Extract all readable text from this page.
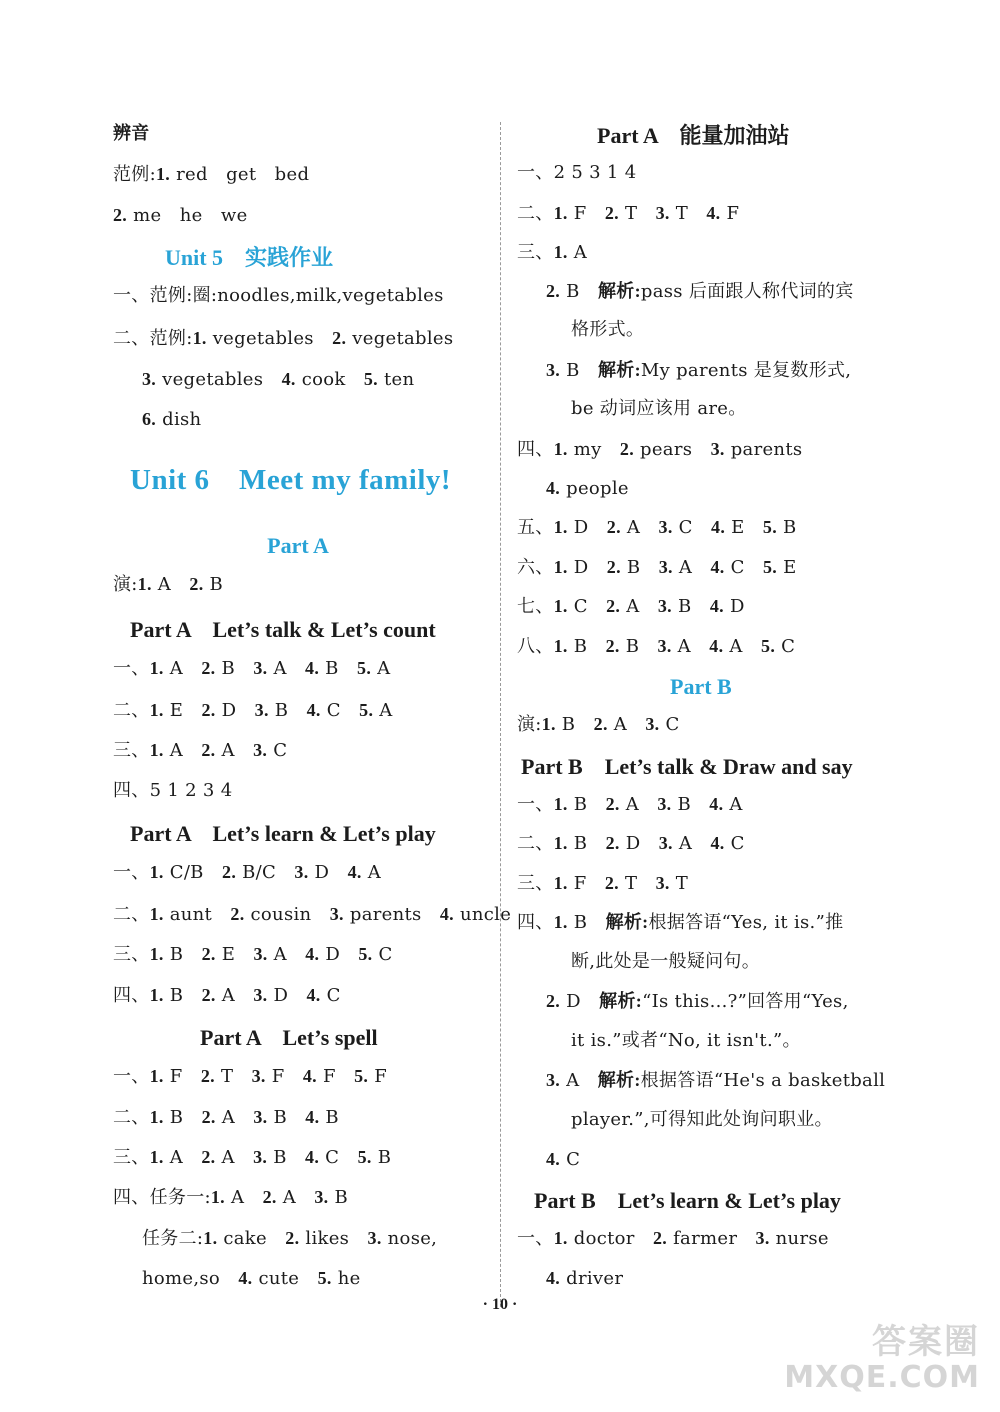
辨音
范例:1. red　get　bed
2. me　he　we
Unit 5　实践作业
一、范例:圈:noodles,milk,vegetables
二、范例:1. vegetables　2. vegetables
3. vegetables　4. cook　5. ten
6. dish
Unit 6　Meet my family!
Part A
演:1. A　2. B
Part A　Let’s talk & Let’s count
一、1. A　2. B　3. A　4. B　5. A
二、1. E　2. D　3. B　4. C　5. A
三、1. A　2. A　3. C
四、5 1 2 3 4
Part A　Let’s learn & Let’s play
一、1. C/B　2. B/C　3. D　4. A
二、1. aunt　2. cousin　3. parents　4. uncle
三、1. B　2. E　3. A　4. D　5. C
四、1. B　2. A　3. D　4. C
Part A　Let’s spell
一、1. F　2. T　3. F　4. F　5. F
二、1. B　2. A　3. B　4. B
三、1. A　2. A　3. B　4. C　5. B
四、任务一:1. A　2. A　3. B
任务二:1. cake　2. likes　3. nose,
home,so　4. cute　5. he
Part A　能量加油站
一、2 5 3 1 4
二、1. F　2. T　3. T　4. F
三、1. A
2. B　解析:pass 后面跟人称代词的宾
格形式。
3. B　解析:My parents 是复数形式,
be 动词应该用 are。
四、1. my　2. pears　3. parents
4. people
五、1. D　2. A　3. C　4. E　5. B
六、1. D　2. B　3. A　4. C　5. E
七、1. C　2. A　3. B　4. D
八、1. B　2. B　3. A　4. A　5. C
Part B
演:1. B　2. A　3. C
Part B　Let’s talk & Draw and say
一、1. B　2. A　3. B　4. A
二、1. B　2. D　3. A　4. C
三、1. F　2. T　3. T
四、1. B　解析:根据答语“Yes, it is.”推
断,此处是一般疑问句。
2. D　解析:“Is this...?”回答用“Yes,
it is.”或者“No, it isn't.”。
3. A　解析:根据答语“He's a basketball
player.”,可得知此处询问职业。
4. C
Part B　Let’s learn & Let’s play
一、1. doctor　2. farmer　3. nurse
4. driver
· 10 ·
答案圈
MXQE.COM
